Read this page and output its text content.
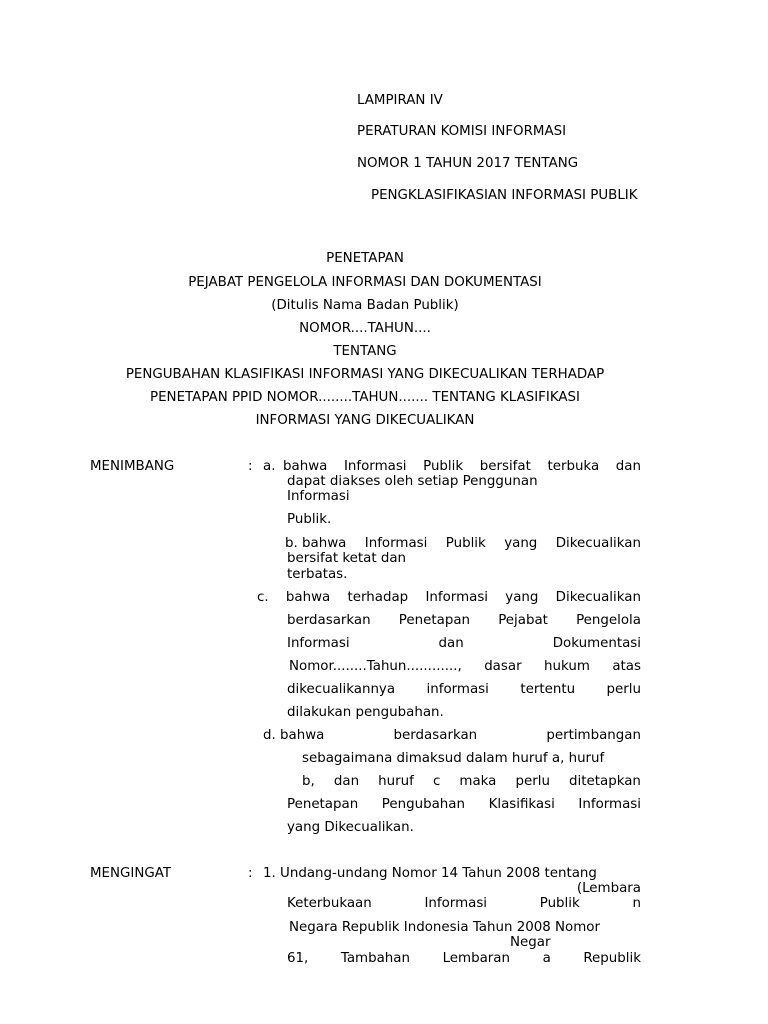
LAMPIRAN IV
PERATURAN KOMISI INFORMASI
NOMOR 1 TAHUN 2017 TENTANG
PENGKLASIFIKASIAN INFORMASI PUBLIK
PENETAPAN
PEJABAT PENGELOLA INFORMASI DAN DOKUMENTASI
(Ditulis Nama Badan Publik)
NOMOR....TAHUN....
TENTANG
PENGUBAHAN KLASIFIKASI INFORMASI YANG DIKECUALIKAN TERHADAP
PENETAPAN PPID NOMOR........TAHUN....... TENTANG KLASIFIKASI
INFORMASI YANG DIKECUALIKAN
MENIMBANG	: a. bahwa Informasi Publik bersifat terbuka dan
dapat diakses oleh setiap Penggunan
Informasi
Publik.
b. bahwa Informasi Publik yang Dikecualikan
bersifat ketat dan
terbatas.
c. bahwa terhadap Informasi yang Dikecualikan
berdasarkan Penetapan Pejabat Pengelola
Informasi	dan	Dokumentasi
Nomor........Tahun............, dasar hukum atas
dikecualikannya informasi tertentu perlu
dilakukan pengubahan.
d. bahwa	berdasarkan	pertimbangan
sebagaimana dimaksud dalam huruf a, huruf
b, dan huruf c maka perlu ditetapkan
Penetapan Pengubahan Klasifikasi Informasi
yang Dikecualikan.
MENGINGAT	: 1. Undang-undang Nomor 14 Tahun 2008 tentang
(Lembara
Keterbukaan	Informasi	Publik	n
Negara Republik Indonesia Tahun 2008 Nomor
Negar
61, Tambahan Lembaran a Republik
